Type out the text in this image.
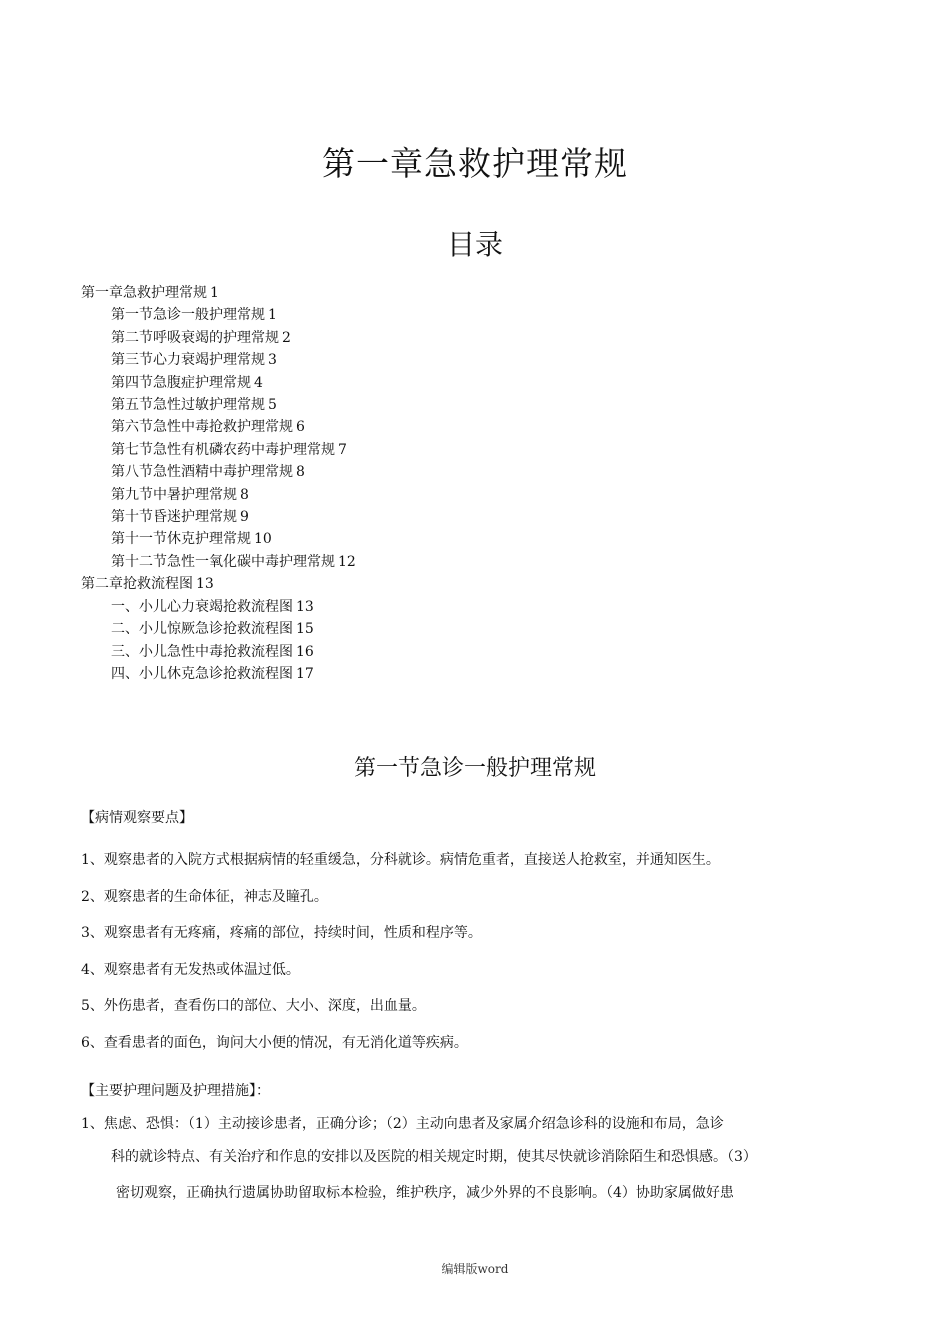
第一章急救护理常规
目录
第一章急救护理常规 1
第一节急诊一般护理常规 1
第二节呼吸衰竭的护理常规 2
第三节心力衰竭护理常规 3
第四节急腹症护理常规 4
第五节急性过敏护理常规 5
第六节急性中毒抢救护理常规 6
第七节急性有机磷农药中毒护理常规 7
第八节急性酒精中毒护理常规 8
第九节中暑护理常规 8
第十节昏迷护理常规 9
第十一节休克护理常规 10
第十二节急性一氧化碳中毒护理常规 12
第二章抢救流程图 13
一、小儿心力衰竭抢救流程图 13
二、小儿惊厥急诊抢救流程图 15
三、小儿急性中毒抢救流程图 16
四、小儿休克急诊抢救流程图 17
第一节急诊一般护理常规
【病情观察要点】
1、观察患者的入院方式根据病情的轻重缓急，分科就诊。病情危重者，直接送人抢救室，并通知医生。
2、观察患者的生命体征，神志及瞳孔。
3、观察患者有无疼痛，疼痛的部位，持续时间，性质和程序等。
4、观察患者有无发热或体温过低。
5、外伤患者，查看伤口的部位、大小、深度，出血量。
6、查看患者的面色，询问大小便的情况，有无消化道等疾病。
【主要护理问题及护理措施】：
1、焦虑、恐惧：（1）主动接诊患者，正确分诊；（2）主动向患者及家属介绍急诊科的设施和布局，急诊
科的就诊特点、有关治疗和作息的安排以及医院的相关规定时期，使其尽快就诊消除陌生和恐惧感。（3）
密切观察，正确执行遗属协助留取标本检验，维护秩序，减少外界的不良影响。（4）协助家属做好患
编辑版word
